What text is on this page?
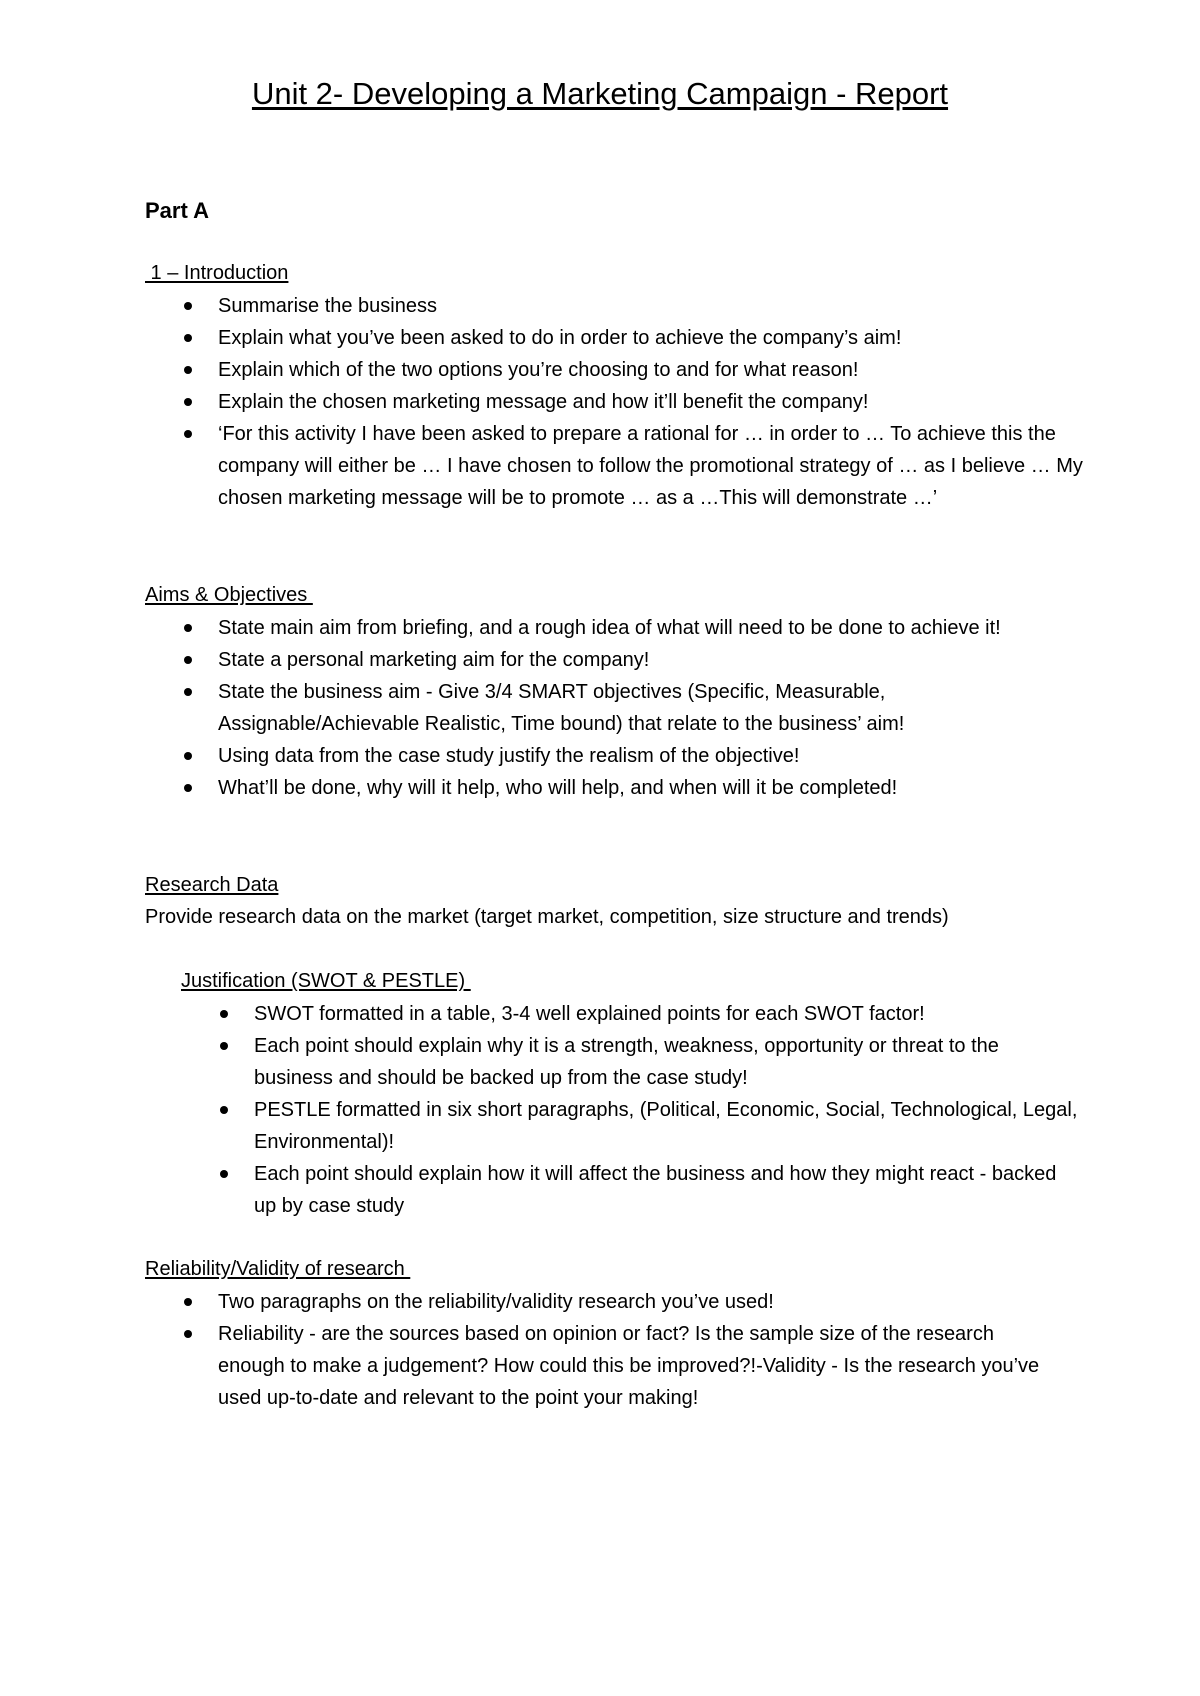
Unit 2- Developing a Marketing Campaign - Report
Part A
1 – Introduction
Summarise the business
Explain what you’ve been asked to do in order to achieve the company’s aim!
Explain which of the two options you’re choosing to and for what reason!
Explain the chosen marketing message and how it’ll benefit the company!
‘For this activity I have been asked to prepare a rational for … in order to … To achieve this the company will either be … I have chosen to follow the promotional strategy of … as I believe … My chosen marketing message will be to promote … as a …This will demonstrate …’
Aims & Objectives
State main aim from briefing, and a rough idea of what will need to be done to achieve it!
State a personal marketing aim for the company!
State the business aim - Give 3/4 SMART objectives (Specific, Measurable, Assignable/Achievable Realistic, Time bound) that relate to the business’ aim!
Using data from the case study justify the realism of the objective!
What’ll be done, why will it help, who will help, and when will it be completed!
Research Data
Provide research data on the market (target market, competition, size structure and trends)
Justification (SWOT & PESTLE)
SWOT formatted in a table, 3-4 well explained points for each SWOT factor!
Each point should explain why it is a strength, weakness, opportunity or threat to the business and should be backed up from the case study!
PESTLE formatted in six short paragraphs, (Political, Economic, Social, Technological, Legal, Environmental)!
Each point should explain how it will affect the business and how they might react - backed up by case study
Reliability/Validity of research
Two paragraphs on the reliability/validity research you’ve used!
Reliability - are the sources based on opinion or fact? Is the sample size of the research enough to make a judgement? How could this be improved?!-Validity - Is the research you’ve used up-to-date and relevant to the point your making!
